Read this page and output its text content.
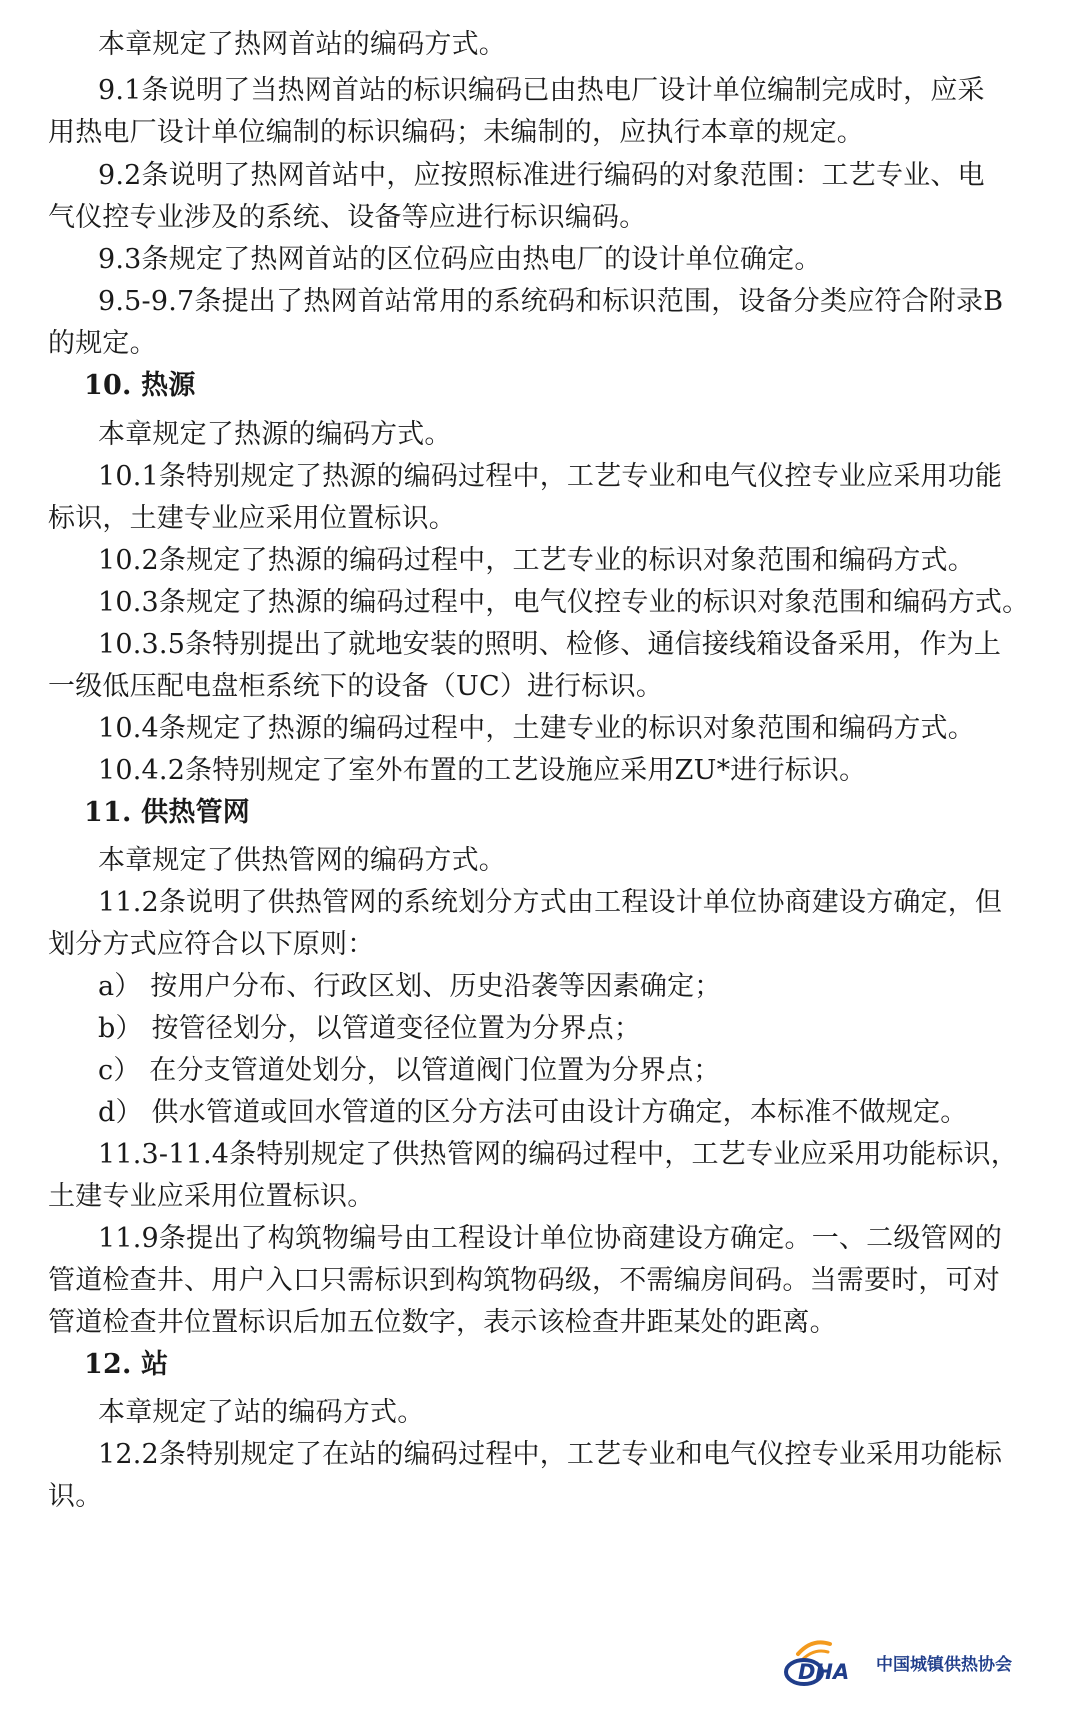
本章规定了热网首站的编码方式。
9.1条说明了当热网首站的标识编码已由热电厂设计单位编制完成时，应采
用热电厂设计单位编制的标识编码；未编制的，应执行本章的规定。
9.2条说明了热网首站中，应按照标准进行编码的对象范围：工艺专业、电
气仪控专业涉及的系统、设备等应进行标识编码。
9.3条规定了热网首站的区位码应由热电厂的设计单位确定。
9.5-9.7条提出了热网首站常用的系统码和标识范围，设备分类应符合附录B
的规定。
10. 热源
本章规定了热源的编码方式。
10.1条特别规定了热源的编码过程中，工艺专业和电气仪控专业应采用功能
标识，土建专业应采用位置标识。
10.2条规定了热源的编码过程中，工艺专业的标识对象范围和编码方式。
10.3条规定了热源的编码过程中，电气仪控专业的标识对象范围和编码方式。
10.3.5条特别提出了就地安装的照明、检修、通信接线箱设备采用，作为上
一级低压配电盘柜系统下的设备（UC）进行标识。
10.4条规定了热源的编码过程中，土建专业的标识对象范围和编码方式。
10.4.2条特别规定了室外布置的工艺设施应采用ZU*进行标识。
11. 供热管网
本章规定了供热管网的编码方式。
11.2条说明了供热管网的系统划分方式由工程设计单位协商建设方确定，但
划分方式应符合以下原则：
a） 按用户分布、行政区划、历史沿袭等因素确定；
b） 按管径划分，以管道变径位置为分界点；
c） 在分支管道处划分，以管道阀门位置为分界点；
d） 供水管道或回水管道的区分方法可由设计方确定，本标准不做规定。
11.3-11.4条特别规定了供热管网的编码过程中，工艺专业应采用功能标识，
土建专业应采用位置标识。
11.9条提出了构筑物编号由工程设计单位协商建设方确定。一、二级管网的
管道检查井、用户入口只需标识到构筑物码级，不需编房间码。当需要时，可对
管道检查井位置标识后加五位数字，表示该检查井距某处的距离。
12. 站
本章规定了站的编码方式。
12.2条特别规定了在站的编码过程中，工艺专业和电气仪控专业采用功能标
识。
DHA 中国城镇供热协会
